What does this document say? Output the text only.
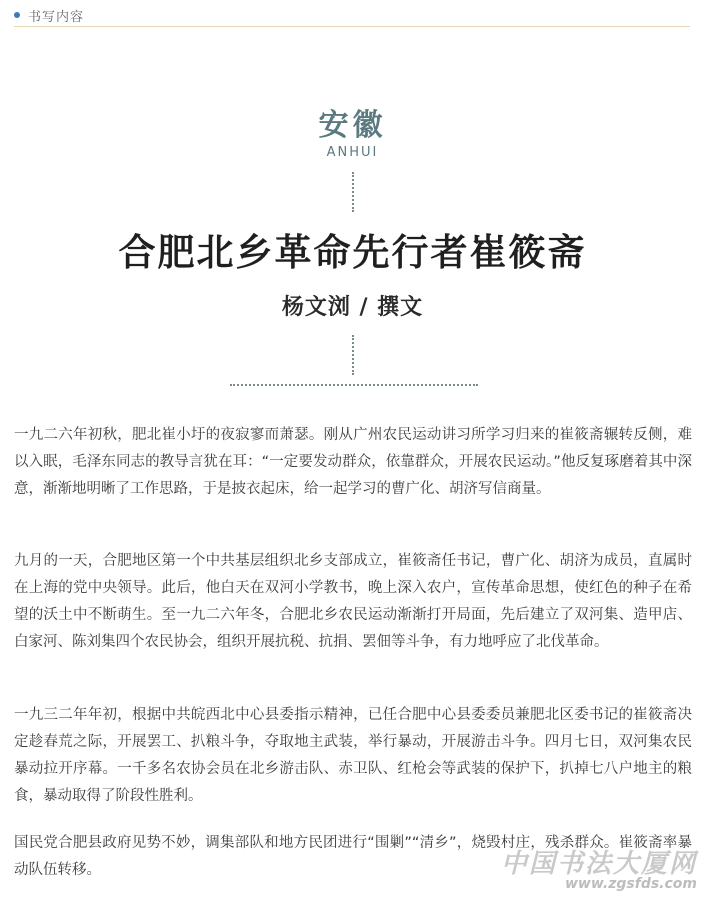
书写内容
安徽
ANHUI
合肥北乡革命先行者崔筱斋
杨文浏 / 撰文

一九二六年初秋，肥北崔小圩的夜寂寥而萧瑟。刚从广州农民运动讲习所学习归来的崔筱斋辗转反侧，难以入眠，毛泽东同志的教导言犹在耳：“一定要发动群众，依靠群众，开展农民运动。”他反复琢磨着其中深意，渐渐地明晰了工作思路，于是披衣起床，给一起学习的曹广化、胡济写信商量。

九月的一天，合肥地区第一个中共基层组织北乡支部成立，崔筱斋任书记，曹广化、胡济为成员，直属时在上海的党中央领导。此后，他白天在双河小学教书，晚上深入农户，宣传革命思想，使红色的种子在希望的沃土中不断萌生。至一九二六年冬，合肥北乡农民运动渐渐打开局面，先后建立了双河集、造甲店、白家河、陈刘集四个农民协会，组织开展抗税、抗捐、罢佃等斗争，有力地呼应了北伐革命。

一九三二年年初，根据中共皖西北中心县委指示精神，已任合肥中心县委委员兼肥北区委书记的崔筱斋决定趁春荒之际，开展罢工、扒粮斗争，夺取地主武装，举行暴动，开展游击斗争。四月七日，双河集农民暴动拉开序幕。一千多名农协会员在北乡游击队、赤卫队、红枪会等武装的保护下，扒掉七八户地主的粮食，暴动取得了阶段性胜利。

国民党合肥县政府见势不妙，调集部队和地方民团进行“围剿”“清乡”，烧毁村庄，残杀群众。崔筱斋率暴动队伍转移。	中国书法大厦网
www.zgsfds.com
